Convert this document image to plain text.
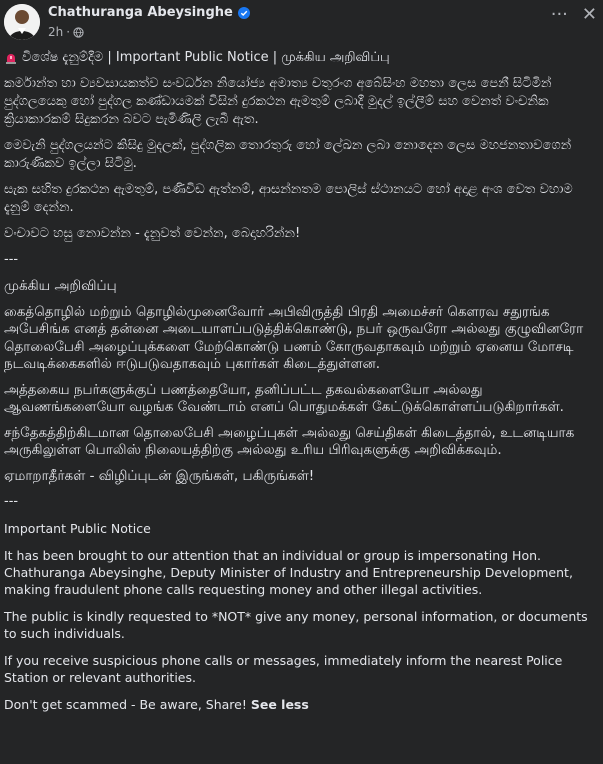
Chathuranga Abeysinghe
2h ·
··· ✕
විශේෂ දැනුම්දීම | Important Public Notice | முக்கிய அறிவிப்பு

කර්මාන්ත හා ව්‍යවසායකත්ව සංවර්ධන නියෝජ්‍ය අමාත්‍ය චතුරංග අබේසිංහ මහතා ලෙස පෙනී සිටිමින් පුද්ගලයෙකු හෝ පුද්ගල කණ්ඩායමක් විසින් දුරකථන ඇමතුම් ලබාදී මුදල් ඉල්ලීම් සහ වෙනත් වංචනික ක්‍රියාකාරකම් සිදුකරන බවට පැමිණිලි ලැබී ඇත.

මෙවැනි පුද්ගලයන්ට කිසිදු මුදලක්, පුද්ගලික තොරතුරු හෝ ලේඛන ලබා නොදෙන ලෙස මහජනතාවගෙන් කාරුණිකව ඉල්ලා සිටිමු.

සැක සහිත දුරකථන ඇමතුම්, පණිවිඩ ඇත්නම්, ආසන්නතම පොලිස් ස්ථානයට හෝ අදාළ අංශ වෙත වහාම දැනුම් දෙන්න.

වංචාවට හසු නොවන්න - දැනුවත් වෙන්න, බෙදාහරින්න!

---

முக்கிய அறிவிப்பு

கைத்தொழில் மற்றும் தொழில்முனைவோர் அபிவிருத்தி பிரதி அமைச்சர் கௌரவ சதுரங்க அபேசிங்க எனத் தன்னை அடையாளப்படுத்திக்கொண்டு, நபர் ஒருவரோ அல்லது குழுவினரோ தொலைபேசி அழைப்புக்களை மேற்கொண்டு பணம் கோருவதாகவும் மற்றும் ஏனைய மோசடி நடவடிக்கைகளில் ஈடுபடுவதாகவும் புகார்கள் கிடைத்துள்ளன.

அத்தகைய நபர்களுக்குப் பணத்தையோ, தனிப்பட்ட தகவல்களையோ அல்லது ஆவணங்களையோ வழங்க வேண்டாம் எனப் பொதுமக்கள் கேட்டுக்கொள்ளப்படுகிறார்கள்.

சந்தேகத்திற்கிடமான தொலைபேசி அழைப்புகள் அல்லது செய்திகள் கிடைத்தால், உடனடியாக அருகிலுள்ள பொலிஸ் நிலையத்திற்கு அல்லது உரிய பிரிவுகளுக்கு அறிவிக்கவும்.

ஏமாறாதீர்கள் - விழிப்புடன் இருங்கள், பகிருங்கள்!

---

Important Public Notice

It has been brought to our attention that an individual or group is impersonating Hon. Chathuranga Abeysinghe, Deputy Minister of Industry and Entrepreneurship Development, making fraudulent phone calls requesting money and other illegal activities.

The public is kindly requested to *NOT* give any money, personal information, or documents to such individuals.

If you receive suspicious phone calls or messages, immediately inform the nearest Police Station or relevant authorities.

Don't get scammed - Be aware, Share! See less
